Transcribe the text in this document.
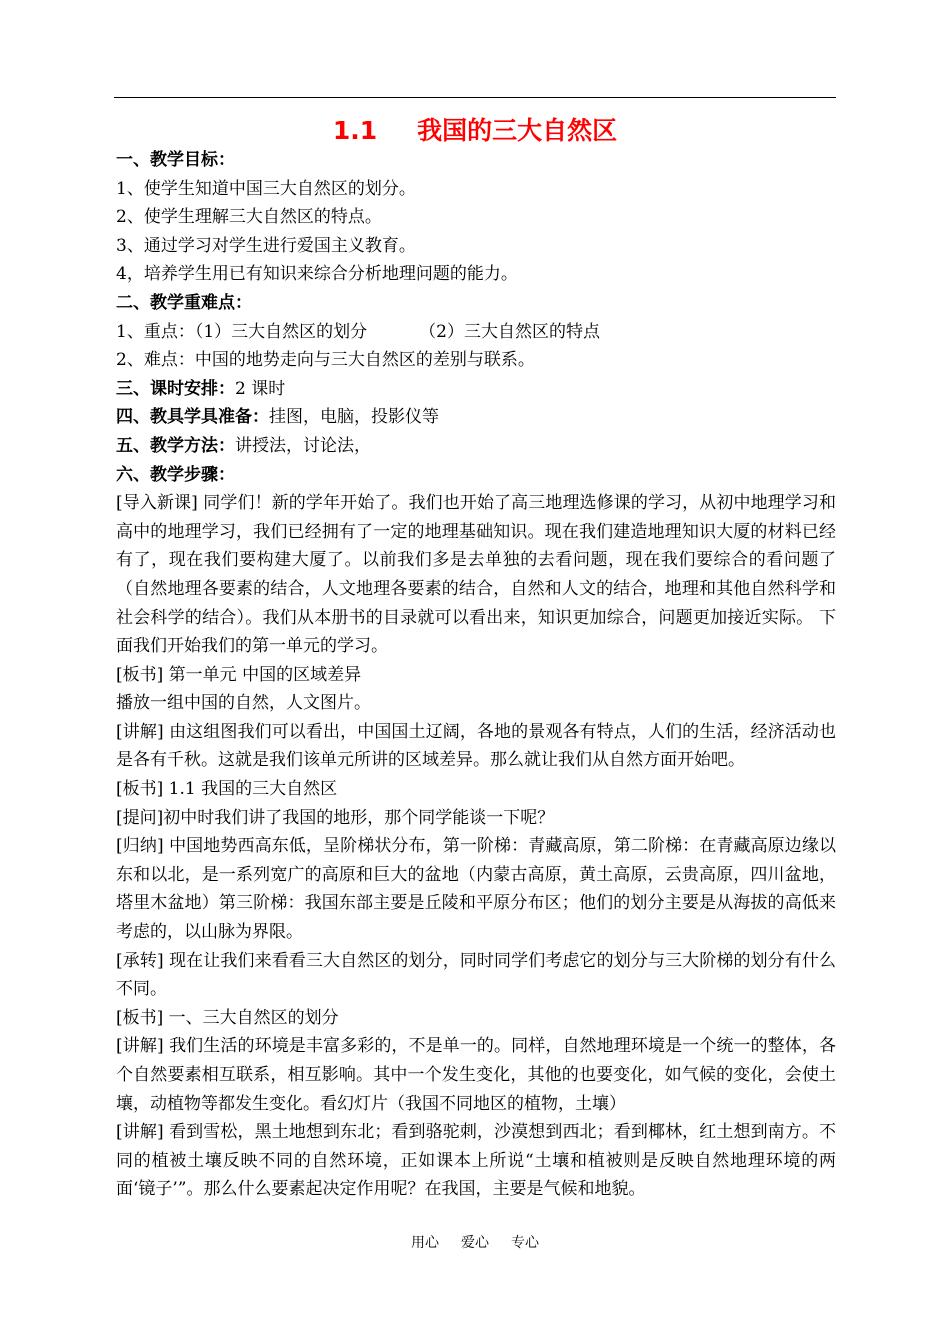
1.1 我国的三大自然区
一、教学目标：
1、使学生知道中国三大自然区的划分。
2、使学生理解三大自然区的特点。
3、通过学习对学生进行爱国主义教育。
4，培养学生用已有知识来综合分析地理问题的能力。
二、教学重难点：
1、重点：（1）三大自然区的划分	（2）三大自然区的特点
2、难点：中国的地势走向与三大自然区的差别与联系。
三、课时安排：2 课时
四、教具学具准备：挂图，电脑，投影仪等
五、教学方法：讲授法，讨论法，
六、教学步骤：
[导入新课] 同学们！新的学年开始了。我们也开始了高三地理选修课的学习，从初中地理学习和高中的地理学习，我们已经拥有了一定的地理基础知识。现在我们建造地理知识大厦的材料已经有了，现在我们要构建大厦了。以前我们多是去单独的去看问题，现在我们要综合的看问题了（自然地理各要素的结合，人文地理各要素的结合，自然和人文的结合，地理和其他自然科学和社会科学的结合）。我们从本册书的目录就可以看出来，知识更加综合，问题更加接近实际。 下面我们开始我们的第一单元的学习。
[板书] 第一单元 中国的区域差异
播放一组中国的自然，人文图片。
[讲解] 由这组图我们可以看出，中国国土辽阔，各地的景观各有特点，人们的生活，经济活动也是各有千秋。这就是我们该单元所讲的区域差异。那么就让我们从自然方面开始吧。
[板书] 1.1 我国的三大自然区
[提问]初中时我们讲了我国的地形，那个同学能谈一下呢？
[归纳] 中国地势西高东低，呈阶梯状分布，第一阶梯：青藏高原，第二阶梯：在青藏高原边缘以东和以北，是一系列宽广的高原和巨大的盆地（内蒙古高原，黄土高原，云贵高原，四川盆地，塔里木盆地）第三阶梯：我国东部主要是丘陵和平原分布区；他们的划分主要是从海拔的高低来考虑的，以山脉为界限。
[承转] 现在让我们来看看三大自然区的划分，同时同学们考虑它的划分与三大阶梯的划分有什么不同。
[板书] 一、三大自然区的划分
[讲解] 我们生活的环境是丰富多彩的，不是单一的。同样，自然地理环境是一个统一的整体，各个自然要素相互联系，相互影响。其中一个发生变化，其他的也要变化，如气候的变化，会使土壤，动植物等都发生变化。看幻灯片（我国不同地区的植物，土壤）
[讲解] 看到雪松，黑土地想到东北；看到骆驼刺，沙漠想到西北；看到椰林，红土想到南方。不同的植被土壤反映不同的自然环境，正如课本上所说“土壤和植被则是反映自然地理环境的两面‘镜子’”。那么什么要素起决定作用呢？在我国，主要是气候和地貌。
用心 爱心 专心
